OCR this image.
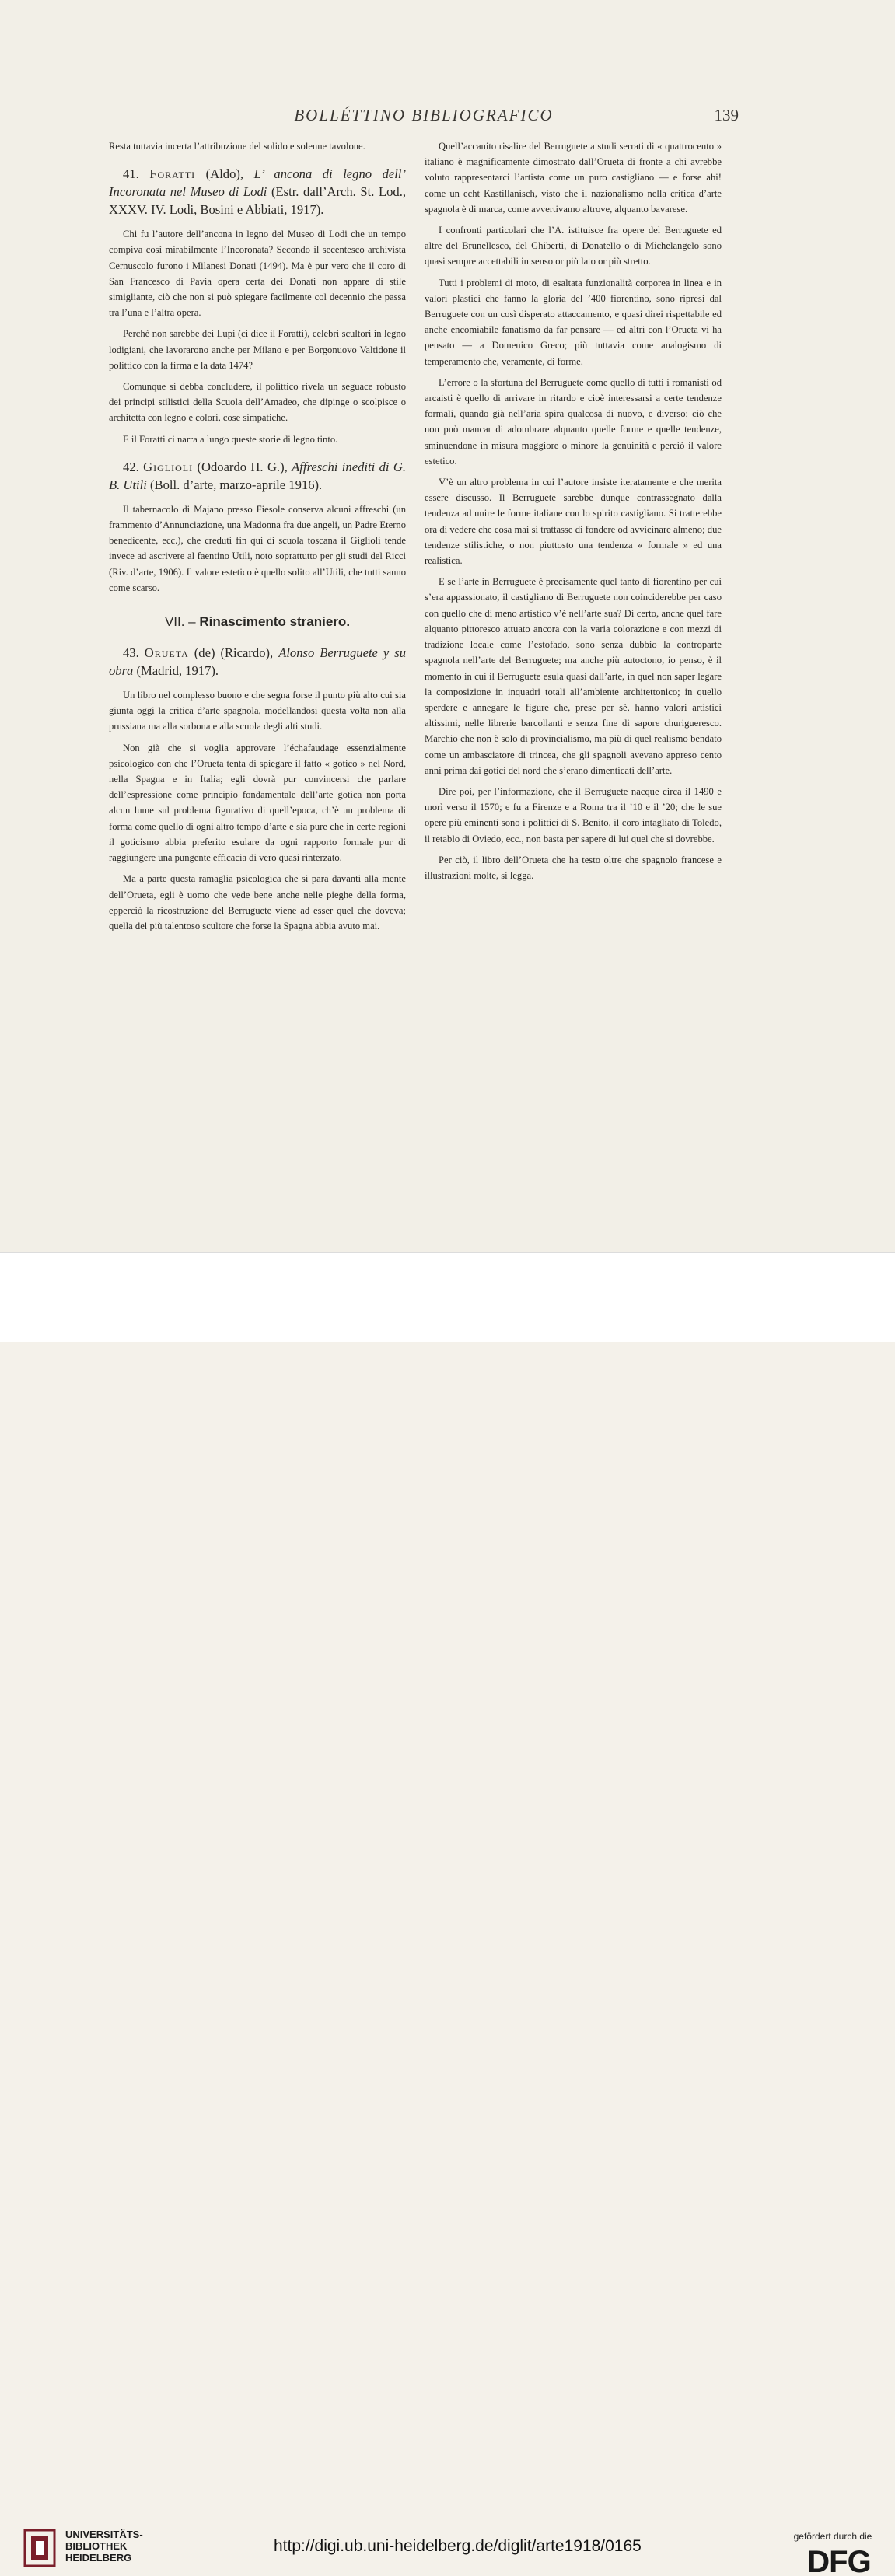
BOLLÉTTINO BIBLIOGRAFICO	139

Resta tuttavia incerta l’attribuzione del solido e solenne tavolone.

41. Foratti (Aldo), L’ ancona di legno dell’ Incoronata nel Museo di Lodi (Estr. dall’Arch. St. Lod., XXXV. IV. Lodi, Bosini e Abbiati, 1917).

Chi fu l’autore dell’ancona in legno del Museo di Lodi che un tempo compiva così mirabilmente l’Incoronata? Secondo il secentesco archivista Cernuscolo furono i Milanesi Donati (1494). Ma è pur vero che il coro di San Francesco di Pavia opera certa dei Donati non appare di stile simigliante, ciò che non si può spiegare facilmente col decennio che passa tra l’una e l’altra opera.

Perchè non sarebbe dei Lupi (ci dice il Foratti), celebri scultori in legno lodigiani, che lavorarono anche per Milano e per Borgonuovo Valtidone il polittico con la firma e la data 1474?

Comunque si debba concludere, il polittico rivela un seguace robusto dei principi stilistici della Scuola dell’Amadeo, che dipinge o scolpisce o architetta con legno e colori, cose simpatiche.

E il Foratti ci narra a lungo queste storie di legno tinto.

42. Giglioli (Odoardo H. G.), Affreschi inediti di G. B. Utili (Boll. d’arte, marzo-aprile 1916).

Il tabernacolo di Majano presso Fiesole conserva alcuni affreschi (un frammento d’Annunciazione, una Madonna fra due angeli, un Padre Eterno benedicente, ecc.), che creduti fin qui di scuola toscana il Giglioli tende invece ad ascrivere al faentino Utili, noto soprattutto per gli studi del Ricci (Riv. d’arte, 1906). Il valore estetico è quello solito all’Utili, che tutti sanno come scarso.

VII. – Rinascimento straniero.
43. Orueta (de) (Ricardo), Alonso Berruguete y su obra (Madrid, 1917).

Un libro nel complesso buono e che segna forse il punto più alto cui sia giunta oggi la critica d’arte spagnola, modellandosi questa volta non alla prussiana ma alla sorbona e alla scuola degli alti studi.

Non già che si voglia approvare l’échafaudage essenzialmente psicologico con che l’Orueta tenta di spiegare il fatto « gotico » nel Nord, nella Spagna e in Italia; egli dovrà pur convincersi che parlare dell’espressione come principio fondamentale dell’arte gotica non porta alcun lume sul problema figurativo di quell’epoca, ch’è un problema di forma come quello di ogni altro tempo d’arte e sia pure che in certe regioni il goticismo abbia preferito esulare da ogni rapporto formale pur di raggiungere una pungente efficacia di vero quasi rinterzato.

Ma a parte questa ramaglia psicologica che si para davanti alla mente dell’Orueta, egli è uomo che vede bene anche nelle pieghe della forma, epperciò la ricostruzione del Berruguete viene ad esser quel che doveva; quella del più talentoso scultore che forse la Spagna abbia avuto mai.

Quell’accanito risalire del Berruguete a studi serrati di « quattrocento » italiano è magnificamente dimostrato dall’Orueta di fronte a chi avrebbe voluto rappresentarci l’artista come un puro castigliano — e forse ahi! come un echt Kastillanisch, visto che il nazionalismo nella critica d’arte spagnola è di marca, come avvertivamo altrove, alquanto bavarese.

I confronti particolari che l’A. istituisce fra opere del Berruguete ed altre del Brunellesco, del Ghiberti, di Donatello o di Michelangelo sono quasi sempre accettabili in senso or più lato or più stretto.

Tutti i problemi di moto, di esaltata funzionalità corporea in linea e in valori plastici che fanno la gloria del ’400 fiorentino, sono ripresi dal Berruguete con un così disperato attaccamento, e quasi direi rispettabile ed anche encomiabile fanatismo da far pensare — ed altri con l’Orueta vi ha pensato — a Domenico Greco; più tuttavia come analogismo di temperamento che, veramente, di forme.

L’errore o la sfortuna del Berruguete come quello di tutti i romanisti od arcaisti è quello di arrivare in ritardo e cioè interessarsi a certe tendenze formali, quando già nell’aria spira qualcosa di nuovo, e diverso; ciò che non può mancar di adombrare alquanto quelle forme e quelle tendenze, sminuendone in misura maggiore o minore la genuinità e perciò il valore estetico.

V’è un altro problema in cui l’autore insiste iteratamente e che merita essere discusso. Il Berruguete sarebbe dunque contrassegnato dalla tendenza ad unire le forme italiane con lo spirito castigliano. Si tratterebbe ora di vedere che cosa mai si trattasse di fondere od avvicinare almeno; due tendenze stilistiche, o non piuttosto una tendenza « formale » ed una realistica.

E se l’arte in Berruguete è precisamente quel tanto di fiorentino per cui s’era appassionato, il castigliano di Berruguete non coinciderebbe per caso con quello che di meno artistico v’è nell’arte sua? Di certo, anche quel fare alquanto pittoresco attuato ancora con la varia colorazione e con mezzi di tradizione locale come l’estofado, sono senza dubbio la controparte spagnola nell’arte del Berruguete; ma anche più autoctono, io penso, è il momento in cui il Berruguete esula quasi dall’arte, in quel non saper legare la composizione in inquadri totali all’ambiente architettonico; in quello sperdere e annegare le figure che, prese per sè, hanno valori artistici altissimi, nelle librerie barcollanti e senza fine di sapore churigueresco. Marchio che non è solo di provincialismo, ma più di quel realismo bendato come un ambasciatore di trincea, che gli spagnoli avevano appreso cento anni prima dai gotici del nord che s’erano dimenticati dell’arte.

Dire poi, per l’informazione, che il Berruguete nacque circa il 1490 e morì verso il 1570; e fu a Firenze e a Roma tra il ’10 e il ’20; che le sue opere più eminenti sono i polittici di S. Benito, il coro intagliato di Toledo, il retablo di Oviedo, ecc., non basta per sapere di lui quel che si dovrebbe.

Per ciò, il libro dell’Orueta che ha testo oltre che spagnolo francese e illustrazioni molte, si legga.

UNIVERSITÄTS-
BIBLIOTHEK
HEIDELBERG
http://digi.ub.uni-heidelberg.de/diglit/arte1918/0165
gefördert durch die
DFG
